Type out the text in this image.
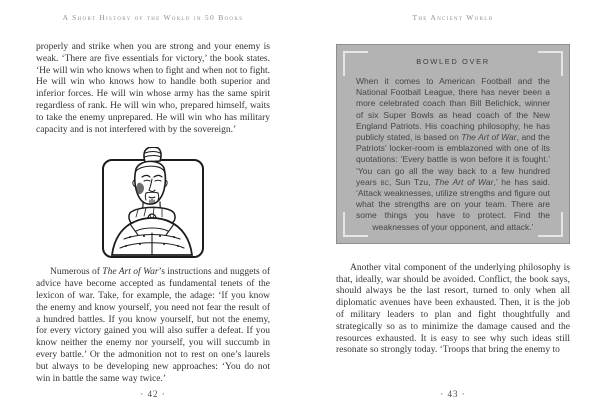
A Short History of the World in 50 Books
properly and strike when you are strong and your enemy is weak. ‘There are five essentials for victory,’ the book states. ‘He will win who knows when to fight and when not to fight. He will win who knows how to handle both superior and inferior forces. He will win whose army has the same spirit regardless of rank. He will win who, prepared himself, waits to take the enemy unprepared. He will win who has military capacity and is not interfered with by the sovereign.’
Numerous of The Art of War’s instructions and nuggets of advice have become accepted as fundamental tenets of the lexicon of war. Take, for example, the adage: ‘If you know the enemy and know yourself, you need not fear the result of a hundred battles. If you know yourself, but not the enemy, for every victory gained you will also suffer a defeat. If you know neither the enemy nor yourself, you will succumb in every battle.’ Or the admonition not to rest on one’s laurels but always to be developing new approaches: ‘You do not win in battle the same way twice.’
· 42 ·
The Ancient World
BOWLED OVER
When it comes to American Football and the National Football League, there has never been a more celebrated coach than Bill Belichick, winner of six Super Bowls as head coach of the New England Patriots. His coaching philosophy, he has publicly stated, is based on The Art of War, and the Patriots’ locker-room is emblazoned with one of its quotations: ‘Every battle is won before it is fought.’ ‘You can go all the way back to a few hundred years bc, Sun Tzu, The Art of War,’ he has said. ‘Attack weaknesses, utilize strengths and figure out what the strengths are on your team. There are some things you have to protect. Find the weaknesses of your opponent, and attack.’
Another vital component of the underlying philosophy is that, ideally, war should be avoided. Conflict, the book says, should always be the last resort, turned to only when all diplomatic avenues have been exhausted. Then, it is the job of military leaders to plan and fight thoughtfully and strategically so as to minimize the damage caused and the resources exhausted. It is easy to see why such ideas still resonate so strongly today. ‘Troops that bring the enemy to
· 43 ·
